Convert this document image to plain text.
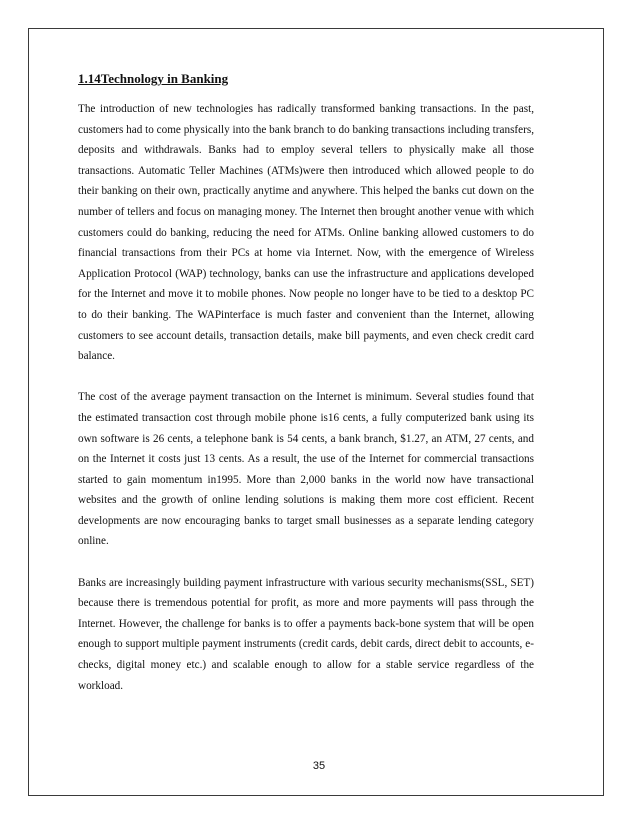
1.14Technology in Banking

The introduction of new technologies has radically transformed banking transactions. In the past, customers had to come physically into the bank branch to do banking transactions including transfers, deposits and withdrawals. Banks had to employ several tellers to physically make all those transactions. Automatic Teller Machines (ATMs)were then introduced which allowed people to do their banking on their own, practically anytime and anywhere. This helped the banks cut down on the number of tellers and focus on managing money. The Internet then brought another venue with which customers could do banking, reducing the need for ATMs. Online banking allowed customers to do financial transactions from their PCs at home via Internet. Now, with the emergence of Wireless Application Protocol (WAP) technology, banks can use the infrastructure and applications developed for the Internet and move it to mobile phones. Now people no longer have to be tied to a desktop PC to do their banking. The WAPinterface is much faster and convenient than the Internet, allowing customers to see account details, transaction details, make bill payments, and even check credit card balance.

The cost of the average payment transaction on the Internet is minimum. Several studies found that the estimated transaction cost through mobile phone is16 cents, a fully computerized bank using its own software is 26 cents, a telephone bank is 54 cents, a bank branch, $1.27, an ATM, 27 cents, and on the Internet it costs just 13 cents. As a result, the use of the Internet for commercial transactions started to gain momentum in1995. More than 2,000 banks in the world now have transactional websites and the growth of online lending solutions is making them more cost efficient. Recent developments are now encouraging banks to target small businesses as a separate lending category online.

Banks are increasingly building payment infrastructure with various security mechanisms(SSL, SET) because there is tremendous potential for profit, as more and more payments will pass through the Internet. However, the challenge for banks is to offer a payments back-bone system that will be open enough to support multiple payment instruments (credit cards, debit cards, direct debit to accounts, e-checks, digital money etc.) and scalable enough to allow for a stable service regardless of the workload.

35
